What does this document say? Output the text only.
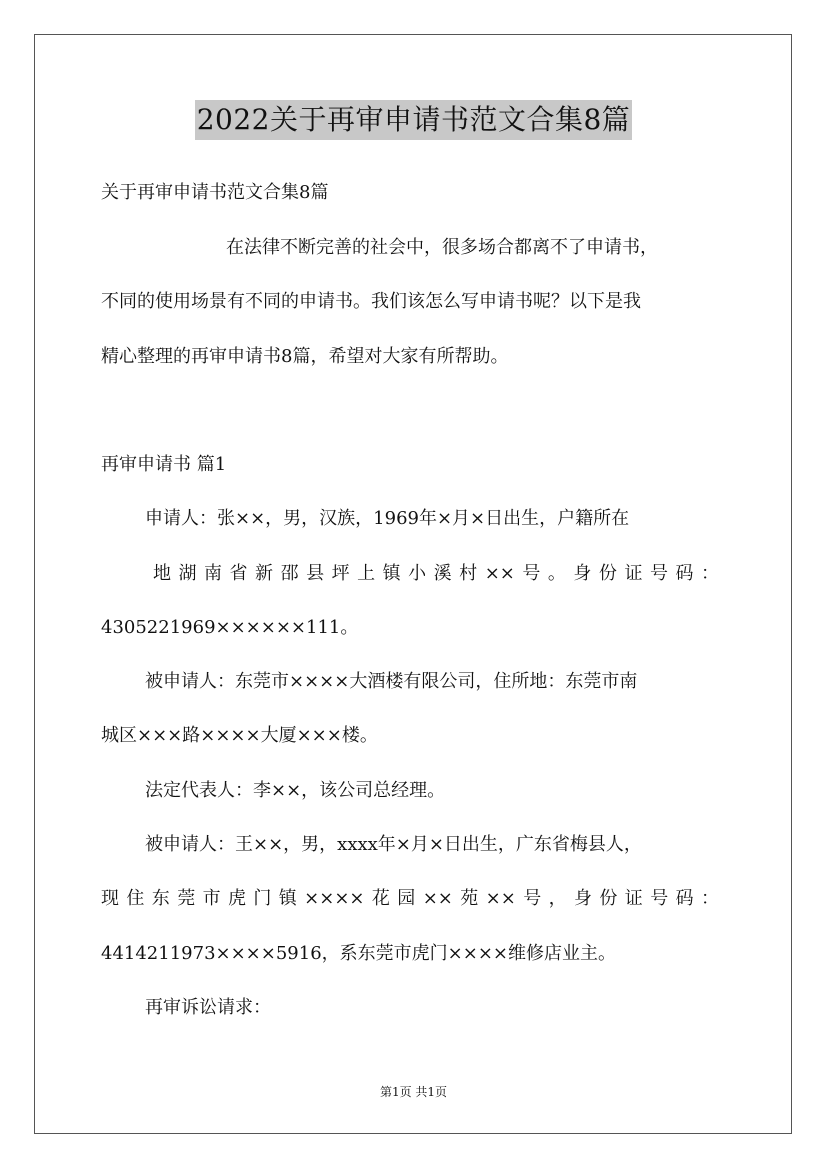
2022关于再审申请书范文合集8篇
关于再审申请书范文合集8篇
在法律不断完善的社会中，很多场合都离不了申请书，
不同的使用场景有不同的申请书。我们该怎么写申请书呢？以下是我
精心整理的再审申请书8篇，希望对大家有所帮助。
再审申请书 篇1
申请人：张××，男，汉族，1969年×月×日出生，户籍所在
地湖南省新邵县坪上镇小溪村××号。身份证号码：
4305221969××××××111。
被申请人：东莞市××××大酒楼有限公司，住所地：东莞市南
城区×××路××××大厦×××楼。
法定代表人：李××，该公司总经理。
被申请人：王××，男，xxxx年×月×日出生，广东省梅县人，
现住东莞市虎门镇××××花园××苑××号，身份证号码：
4414211973××××5916，系东莞市虎门××××维修店业主。
再审诉讼请求：
第1页 共1页
